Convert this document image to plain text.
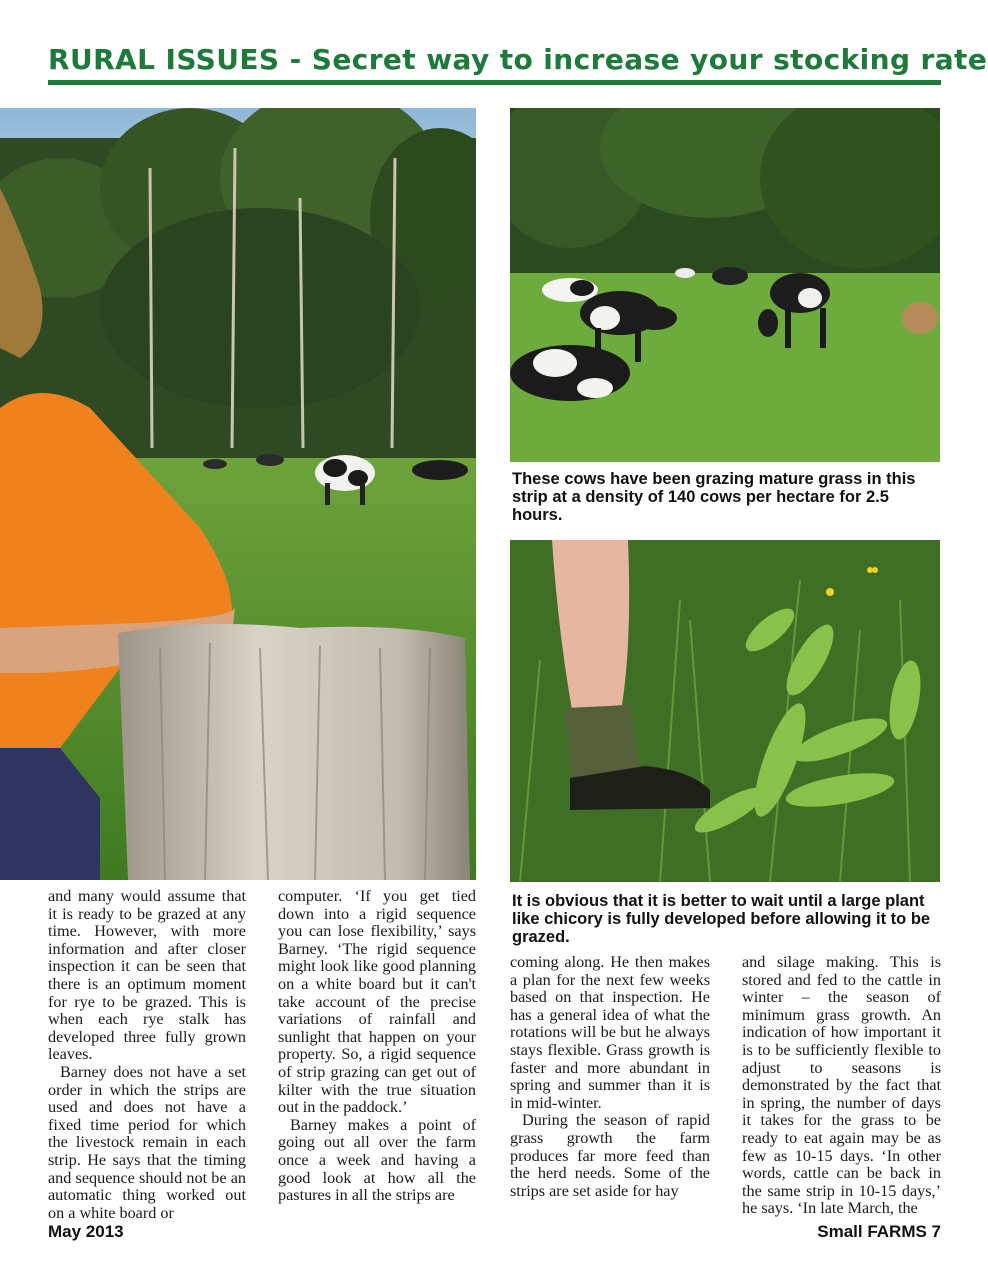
RURAL ISSUES - Secret way to increase your stocking rate

These cows have been grazing mature grass in this strip at a density of 140 cows per hectare for 2.5 hours.

It is obvious that it is better to wait until a large plant like chicory is fully developed before allowing it to be grazed.

and many would assume that it is ready to be grazed at any time. However, with more information and after closer inspection it can be seen that there is an optimum moment for rye to be grazed. This is when each rye stalk has developed three fully grown leaves.

Barney does not have a set order in which the strips are used and does not have a fixed time period for which the livestock remain in each strip. He says that the timing and sequence should not be an automatic thing worked out on a white board or

computer. ‘If you get tied down into a rigid sequence you can lose flexibility,’ says Barney. ‘The rigid sequence might look like good planning on a white board but it can't take account of the precise variations of rainfall and sunlight that happen on your property. So, a rigid sequence of strip grazing can get out of kilter with the true situation out in the paddock.’

Barney makes a point of going out all over the farm once a week and having a good look at how all the pastures in all the strips are

coming along. He then makes a plan for the next few weeks based on that inspection. He has a general idea of what the rotations will be but he always stays flexible. Grass growth is faster and more abundant in spring and summer than it is in mid-winter.

During the season of rapid grass growth the farm produces far more feed than the herd needs. Some of the strips are set aside for hay

and silage making. This is stored and fed to the cattle in winter – the season of minimum grass growth. An indication of how important it is to be sufficiently flexible to adjust to seasons is demonstrated by the fact that in spring, the number of days it takes for the grass to be ready to eat again may be as few as 10-15 days. ‘In other words, cattle can be back in the same strip in 10-15 days,’ he says. ‘In late March, the

May 2013	Small FARMS 7
